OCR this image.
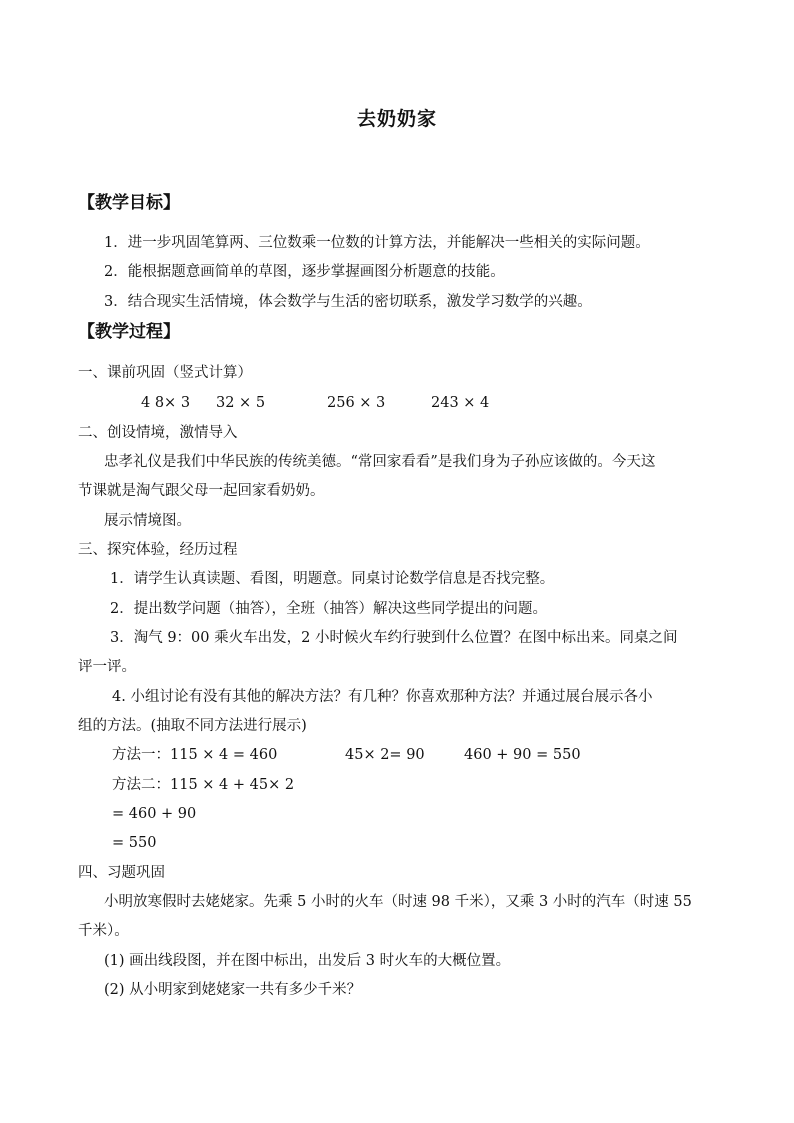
去奶奶家
【教学目标】
1．进一步巩固笔算两、三位数乘一位数的计算方法，并能解决一些相关的实际问题。
2．能根据题意画简单的草图，逐步掌握画图分析题意的技能。
3．结合现实生活情境，体会数学与生活的密切联系，激发学习数学的兴趣。
【教学过程】
一、课前巩固（竖式计算）
4 8× 3 32 × 5	256 × 3	243 × 4
二、创设情境，激情导入
忠孝礼仪是我们中华民族的传统美德。“常回家看看”是我们身为子孙应该做的。今天这
节课就是淘气跟父母一起回家看奶奶。
展示情境图。
三、探究体验，经历过程
1．请学生认真读题、看图，明题意。同桌讨论数学信息是否找完整。
2．提出数学问题（抽答），全班（抽答）解决这些同学提出的问题。
3．淘气 9：00 乘火车出发，2 小时候火车约行驶到什么位置？在图中标出来。同桌之间
评一评。
4. 小组讨论有没有其他的解决方法？有几种？你喜欢那种方法？并通过展台展示各小
组的方法。(抽取不同方法进行展示)
方法一：115 × 4 = 460	45× 2= 90	460 + 90 = 550
方法二：115 × 4 + 45× 2
= 460 + 90
= 550
四、习题巩固
小明放寒假时去姥姥家。先乘 5 小时的火车（时速 98 千米），又乘 3 小时的汽车（时速 55
千米）。
(1) 画出线段图，并在图中标出，出发后 3 时火车的大概位置。
(2) 从小明家到姥姥家一共有多少千米？
